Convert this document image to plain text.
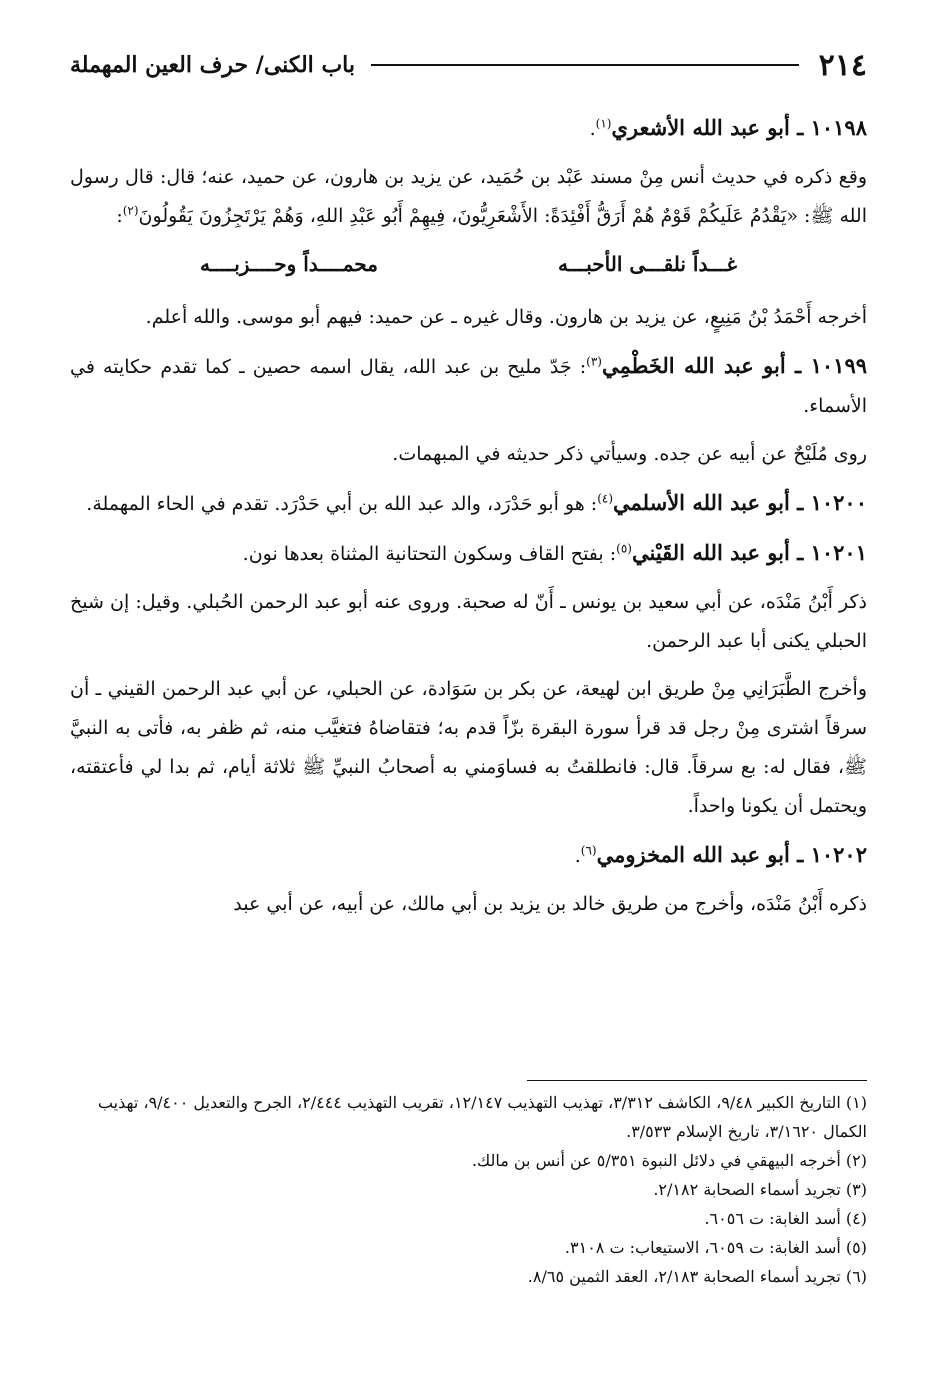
٢١٤
باب الكنى/ حرف العين المهملة

١٠١٩٨ ـ أبو عبد الله الأشعري$^{(١)}$.

وقع ذكره في حديث أنس مِنْ مسند عَبْد بن حُمَيد، عن يزيد بن هارون، عن حميد، عنه؛ قال: قال رسول الله ﷺ: «يَقْدُمُ عَلَيكُمْ قَوْمٌ هُمْ أَرَقُّ أَفْئِدَةً: الأَشْعَرِيُّونَ، فِيهِمْ أَبُو عَبْدِ اللهِ، وَهُمْ يَرْتَجِزُونَ يَقُولُونَ$^{(٢)}$:

غـــداً نلقـــى الأحبـــه
محمــــداً وحــــزبــــه

أخرجه أَحْمَدُ بْنُ مَنِيعٍ، عن يزيد بن هارون. وقال غيره ـ عن حميد: فيهم أبو موسى. والله أعلم.

١٠١٩٩ ـ أبو عبد الله الخَطْمِي$^{(٣)}$: جَدّ مليح بن عبد الله، يقال اسمه حصين ـ كما تقدم حكايته في الأسماء.

روى مُلَيْحٌ عن أبيه عن جده. وسيأتي ذكر حديثه في المبهمات.

١٠٢٠٠ ـ أبو عبد الله الأسلمي$^{(٤)}$: هو أبو حَدْرَد، والد عبد الله بن أبي حَدْرَد. تقدم في الحاء المهملة.

١٠٢٠١ ـ أبو عبد الله القَيْني$^{(٥)}$: بفتح القاف وسكون التحتانية المثناة بعدها نون.

ذكر أَبْنُ مَنْدَه، عن أبي سعيد بن يونس ـ أَنّ له صحبة. وروى عنه أبو عبد الرحمن الحُبلي. وقيل: إن شيخ الحبلي يكنى أبا عبد الرحمن.

وأخرج الطَّبَرَانِي مِنْ طريق ابن لهيعة، عن بكر بن سَوَادة، عن الحبلي، عن أبي عبد الرحمن القيني ـ أن سرقاً اشترى مِنْ رجل قد قرأ سورة البقرة بزّاً قدم به؛ فتقاضاهُ فتغيَّب منه، ثم ظفر به، فأتى به النبيَّ ﷺ، فقال له: بع سرقاً. قال: فانطلقتُ به فساوَمني به أصحابُ النبيِّ ﷺ ثلاثة أيام، ثم بدا لي فأعتقته، ويحتمل أن يكونا واحداً.

١٠٢٠٢ ـ أبو عبد الله المخزومي$^{(٦)}$.

ذكره أَبْنُ مَنْدَه، وأخرج من طريق خالد بن يزيد بن أبي مالك، عن أبيه، عن أبي عبد

(١) التاريخ الكبير ٩/٤٨، الكاشف ٣/٣١٢، تهذيب التهذيب ١٢/١٤٧، تقريب التهذيب ٢/٤٤٤، الجرح والتعديل ٩/٤٠٠، تهذيب الكمال ٣/١٦٢٠، تاريخ الإسلام ٣/٥٣٣.

(٢) أخرجه البيهقي في دلائل النبوة ٥/٣٥١ عن أنس بن مالك.

(٣) تجريد أسماء الصحابة ٢/١٨٢.

(٤) أسد الغابة: ت ٦٠٥٦.

(٥) أسد الغابة: ت ٦٠٥٩، الاستيعاب: ت ٣١٠٨.

(٦) تجريد أسماء الصحابة ٢/١٨٣، العقد الثمين ٨/٦٥.
